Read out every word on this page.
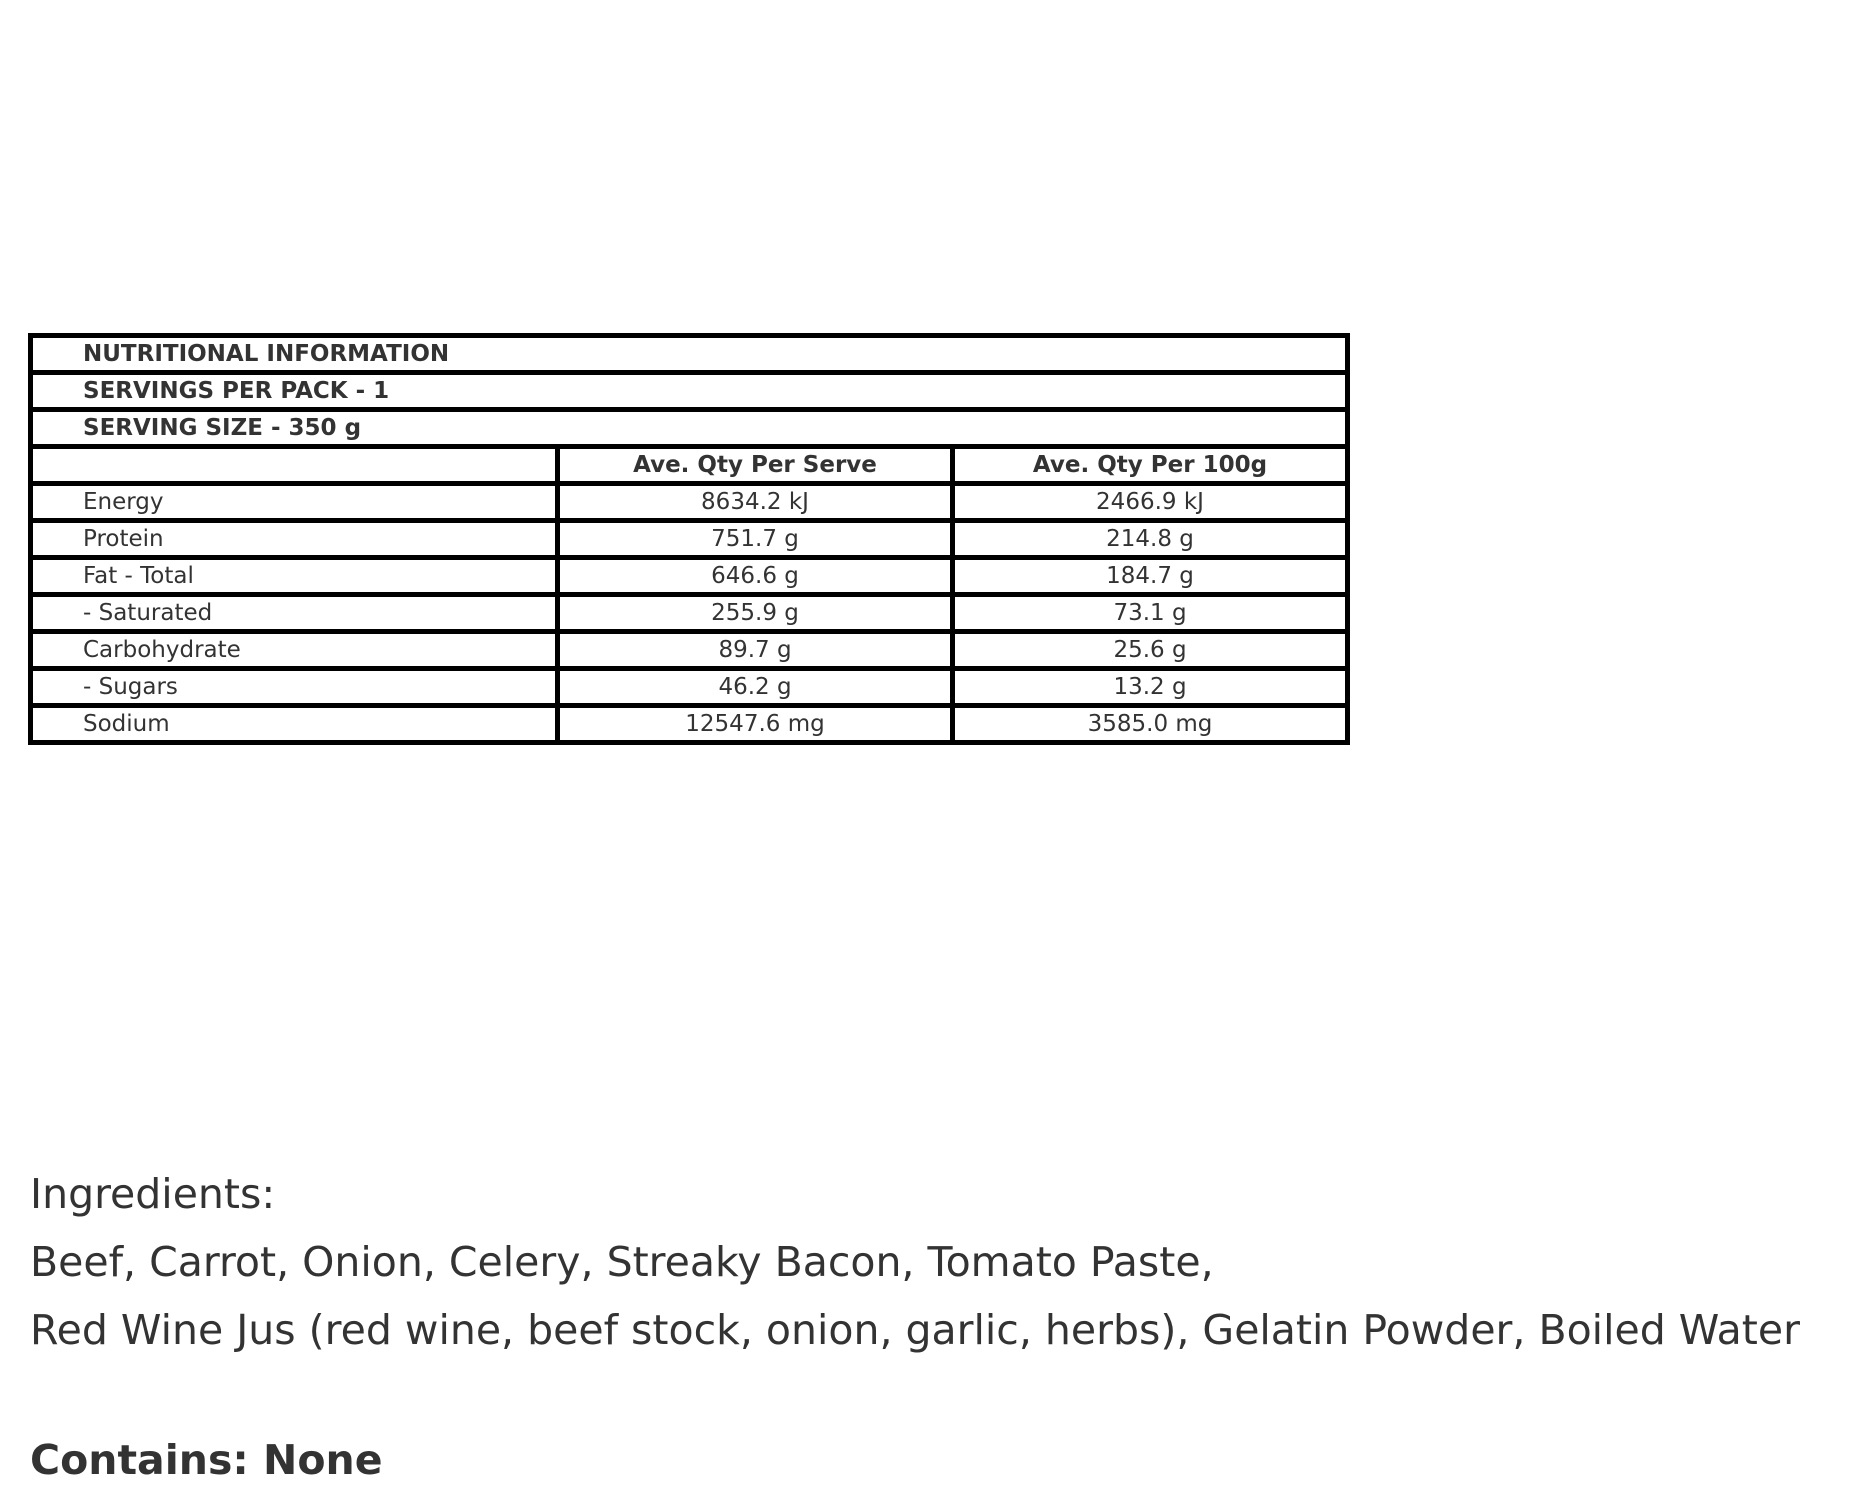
NUTRITIONAL INFORMATION		
SERVINGS PER PACK - 1		
SERVING SIZE - 350 g		
	Ave. Qty Per Serve	Ave. Qty Per 100g
Energy	8634.2 kJ	2466.9 kJ
Protein	751.7 g	214.8 g
Fat - Total	646.6 g	184.7 g
- Saturated	255.9 g	73.1 g
Carbohydrate	89.7 g	25.6 g
- Sugars	46.2 g	13.2 g
Sodium	12547.6 mg	3585.0 mg
Ingredients:
Beef, Carrot, Onion, Celery, Streaky Bacon, Tomato Paste,
Red Wine Jus (red wine, beef stock, onion, garlic, herbs), Gelatin Powder, Boiled Water
Contains: None
